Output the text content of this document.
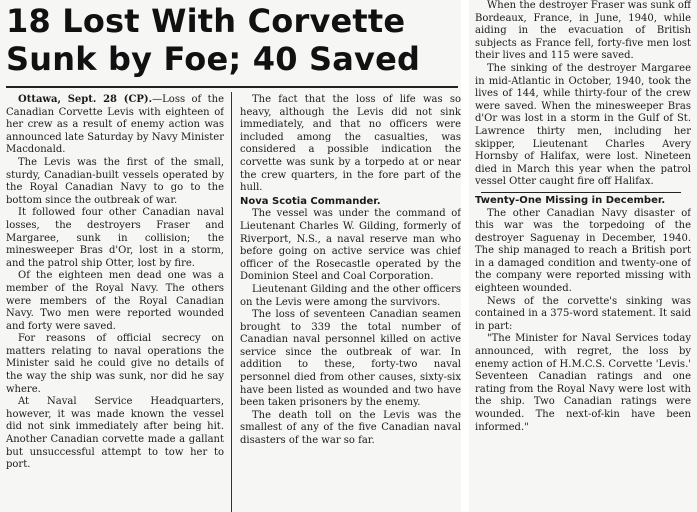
18 Lost With Corvette
Sunk by Foe; 40 Saved

Ottawa, Sept. 28 (CP).—Loss of the Canadian Corvette Levis with eighteen of her crew as a result of enemy action was announced late Saturday by Navy Minister Macdonald.

The Levis was the first of the small, sturdy, Canadian-built vessels operated by the Royal Canadian Navy to go to the bottom since the outbreak of war.

It followed four other Canadian naval losses, the destroyers Fraser and Margaree, sunk in collision; the minesweeper Bras d'Or, lost in a storm, and the patrol ship Otter, lost by fire.

Of the eighteen men dead one was a member of the Royal Navy. The others were members of the Royal Canadian Navy. Two men were reported wounded and forty were saved.

For reasons of official secrecy on matters relating to naval operations the Minister said he could give no details of the way the ship was sunk, nor did he say where.

At Naval Service Headquarters, however, it was made known the vessel did not sink immediately after being hit. Another Canadian corvette made a gallant but unsuccessful attempt to tow her to port.

The fact that the loss of life was so heavy, although the Levis did not sink immediately, and that no officers were included among the casualties, was considered a possible indication the corvette was sunk by a torpedo at or near the crew quarters, in the fore part of the hull.

Nova Scotia Commander.

The vessel was under the command of Lieutenant Charles W. Gilding, formerly of Riverport, N.S., a naval reserve man who before going on active service was chief officer of the Rosecastle operated by the Dominion Steel and Coal Corporation.

Lieutenant Gilding and the other officers on the Levis were among the survivors.

The loss of seventeen Canadian seamen brought to 339 the total number of Canadian naval personnel killed on active service since the outbreak of war. In addition to these, forty-two naval personnel died from other causes, sixty-six have been listed as wounded and two have been taken prisoners by the enemy.

The death toll on the Levis was the smallest of any of the five Canadian naval disasters of the war so far.

When the destroyer Fraser was sunk off Bordeaux, France, in June, 1940, while aiding in the evacuation of British subjects as France fell, forty-five men lost their lives and 115 were saved.

The sinking of the destroyer Margaree in mid-Atlantic in October, 1940, took the lives of 144, while thirty-four of the crew were saved. When the minesweeper Bras d'Or was lost in a storm in the Gulf of St. Lawrence thirty men, including her skipper, Lieutenant Charles Avery Hornsby of Halifax, were lost. Nineteen died in March this year when the patrol vessel Otter caught fire off Halifax.

Twenty-One Missing in December.

The other Canadian Navy disaster of this war was the torpedoing of the destroyer Saguenay in December, 1940. The ship managed to reach a British port in a damaged condition and twenty-one of the company were reported missing with eighteen wounded.

News of the corvette's sinking was contained in a 375-word statement. It said in part:

"The Minister for Naval Services today announced, with regret, the loss by enemy action of H.M.C.S. Corvette 'Levis.' Seventeen Canadian ratings and one rating from the Royal Navy were lost with the ship. Two Canadian ratings were wounded. The next-of-kin have been informed."
